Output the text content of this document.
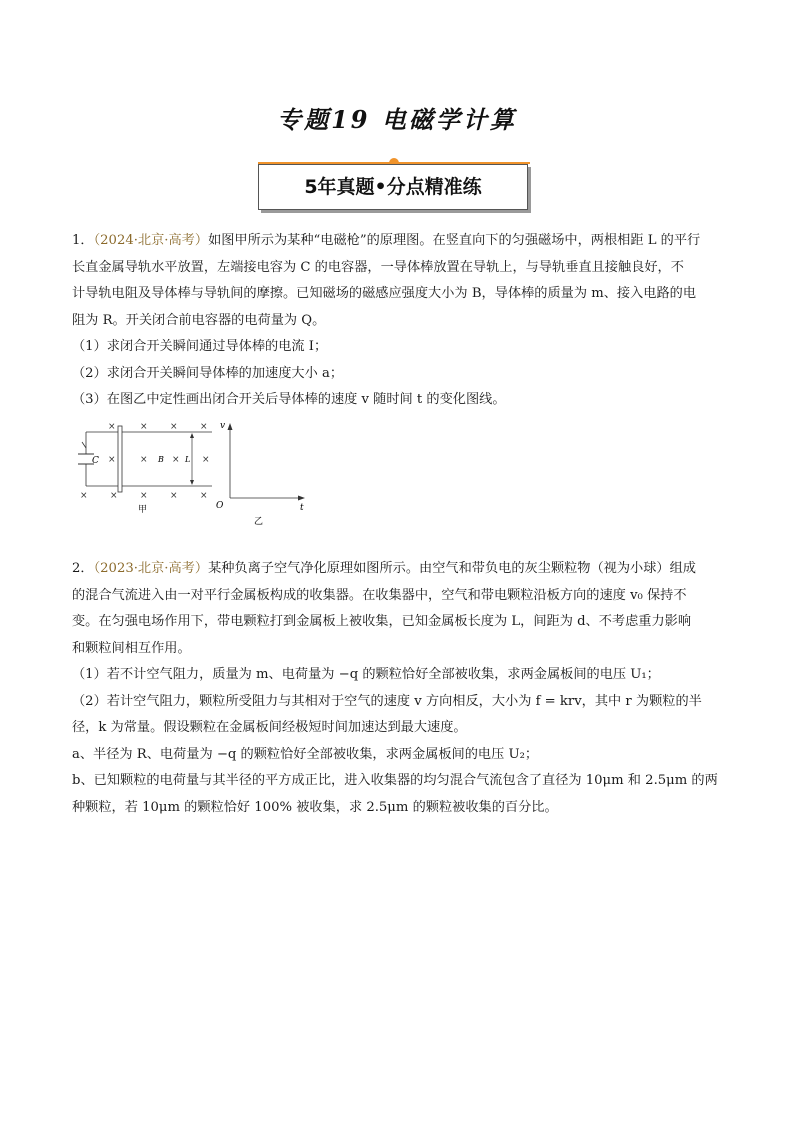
专题19 电磁学计算
5年真题•分点精准练

1．（2024·北京·高考）如图甲所示为某种“电磁枪”的原理图。在竖直向下的匀强磁场中，两根相距 L 的平行

长直金属导轨水平放置，左端接电容为 C 的电容器，一导体棒放置在导轨上，与导轨垂直且接触良好，不

计导轨电阻及导体棒与导轨间的摩擦。已知磁场的磁感应强度大小为 B，导体棒的质量为 m、接入电路的电

阻为 R。开关闭合前电容器的电荷量为 Q。

（1）求闭合开关瞬间通过导体棒的电流 I；

（2）求闭合开关瞬间导体棒的加速度大小 a；

（3）在图乙中定性画出闭合开关后导体棒的速度 v 随时间 t 的变化图线。

C
×	× × ×
×	×	× ×
× × × × ×
B	L
甲
v
t
O
乙

2．（2023·北京·高考）某种负离子空气净化原理如图所示。由空气和带负电的灰尘颗粒物（视为小球）组成

的混合气流进入由一对平行金属板构成的收集器。在收集器中，空气和带电颗粒沿板方向的速度 v₀ 保持不

变。在匀强电场作用下，带电颗粒打到金属板上被收集，已知金属板长度为 L，间距为 d、不考虑重力影响

和颗粒间相互作用。

（1）若不计空气阻力，质量为 m、电荷量为 −q 的颗粒恰好全部被收集，求两金属板间的电压 U₁；

（2）若计空气阻力，颗粒所受阻力与其相对于空气的速度 v 方向相反，大小为 f = krv，其中 r 为颗粒的半

径，k 为常量。假设颗粒在金属板间经极短时间加速达到最大速度。

a、半径为 R、电荷量为 −q 的颗粒恰好全部被收集，求两金属板间的电压 U₂；

b、已知颗粒的电荷量与其半径的平方成正比，进入收集器的均匀混合气流包含了直径为 10μm 和 2.5μm 的两

种颗粒，若 10μm 的颗粒恰好 100% 被收集，求 2.5μm 的颗粒被收集的百分比。
